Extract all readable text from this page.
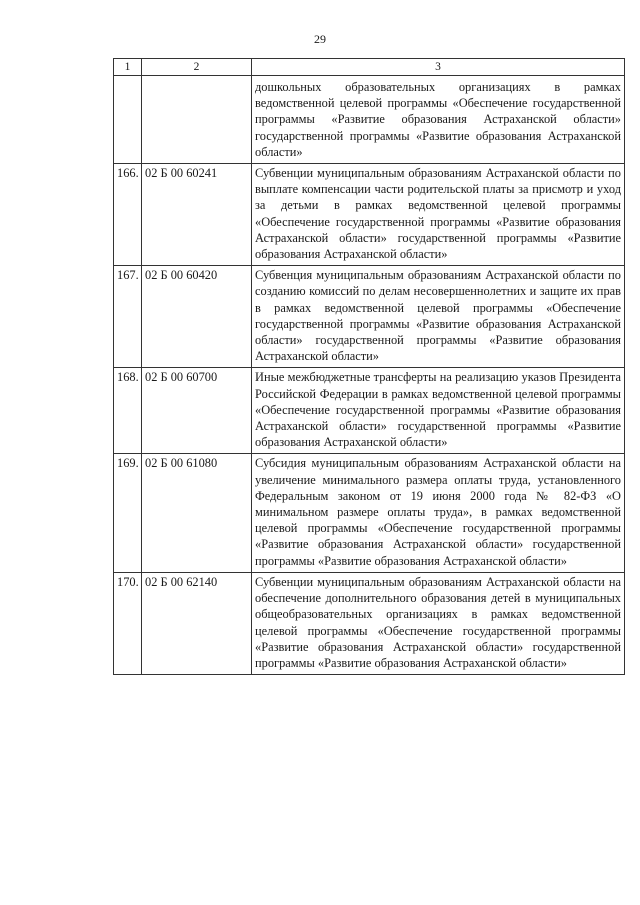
29
1	2	3
		дошкольных образовательных организациях в рамках ведомственной целевой программы «Обеспечение государственной программы «Развитие образования Астраханской области» государственной программы «Развитие образования Астраханской области»
166.	02 Б 00 60241	Субвенции муниципальным образованиям Астраханской области по выплате компенсации части родительской платы за присмотр и уход за детьми в рамках ведомственной целевой программы «Обеспечение государственной программы «Развитие образования Астраханской области» государственной программы «Развитие образования Астраханской области»
167.	02 Б 00 60420	Субвенция муниципальным образованиям Астраханской области по созданию комиссий по делам несовершеннолетних и защите их прав в рамках ведомственной целевой программы «Обеспечение государственной программы «Развитие образования Астраханской области» государственной программы «Развитие образования Астраханской области»
168.	02 Б 00 60700	Иные межбюджетные трансферты на реализацию указов Президента Российской Федерации в рамках ведомственной целевой программы «Обеспечение государственной программы «Развитие образования Астраханской области» государственной программы «Развитие образования Астраханской области»
169.	02 Б 00 61080	Субсидия муниципальным образованиям Астраханской области на увеличение минимального размера оплаты труда, установленного Федеральным законом от 19 июня 2000 года № 82-ФЗ «О минимальном размере оплаты труда», в рамках ведомственной целевой программы «Обеспечение государственной программы «Развитие образования Астраханской области» государственной программы «Развитие образования Астраханской области»
170.	02 Б 00 62140	Субвенции муниципальным образованиям Астраханской области на обеспечение дополнительного образования детей в муниципальных общеобразовательных организациях в рамках ведомственной целевой программы «Обеспечение государственной программы «Развитие образования Астраханской области» государственной программы «Развитие образования Астраханской области»
